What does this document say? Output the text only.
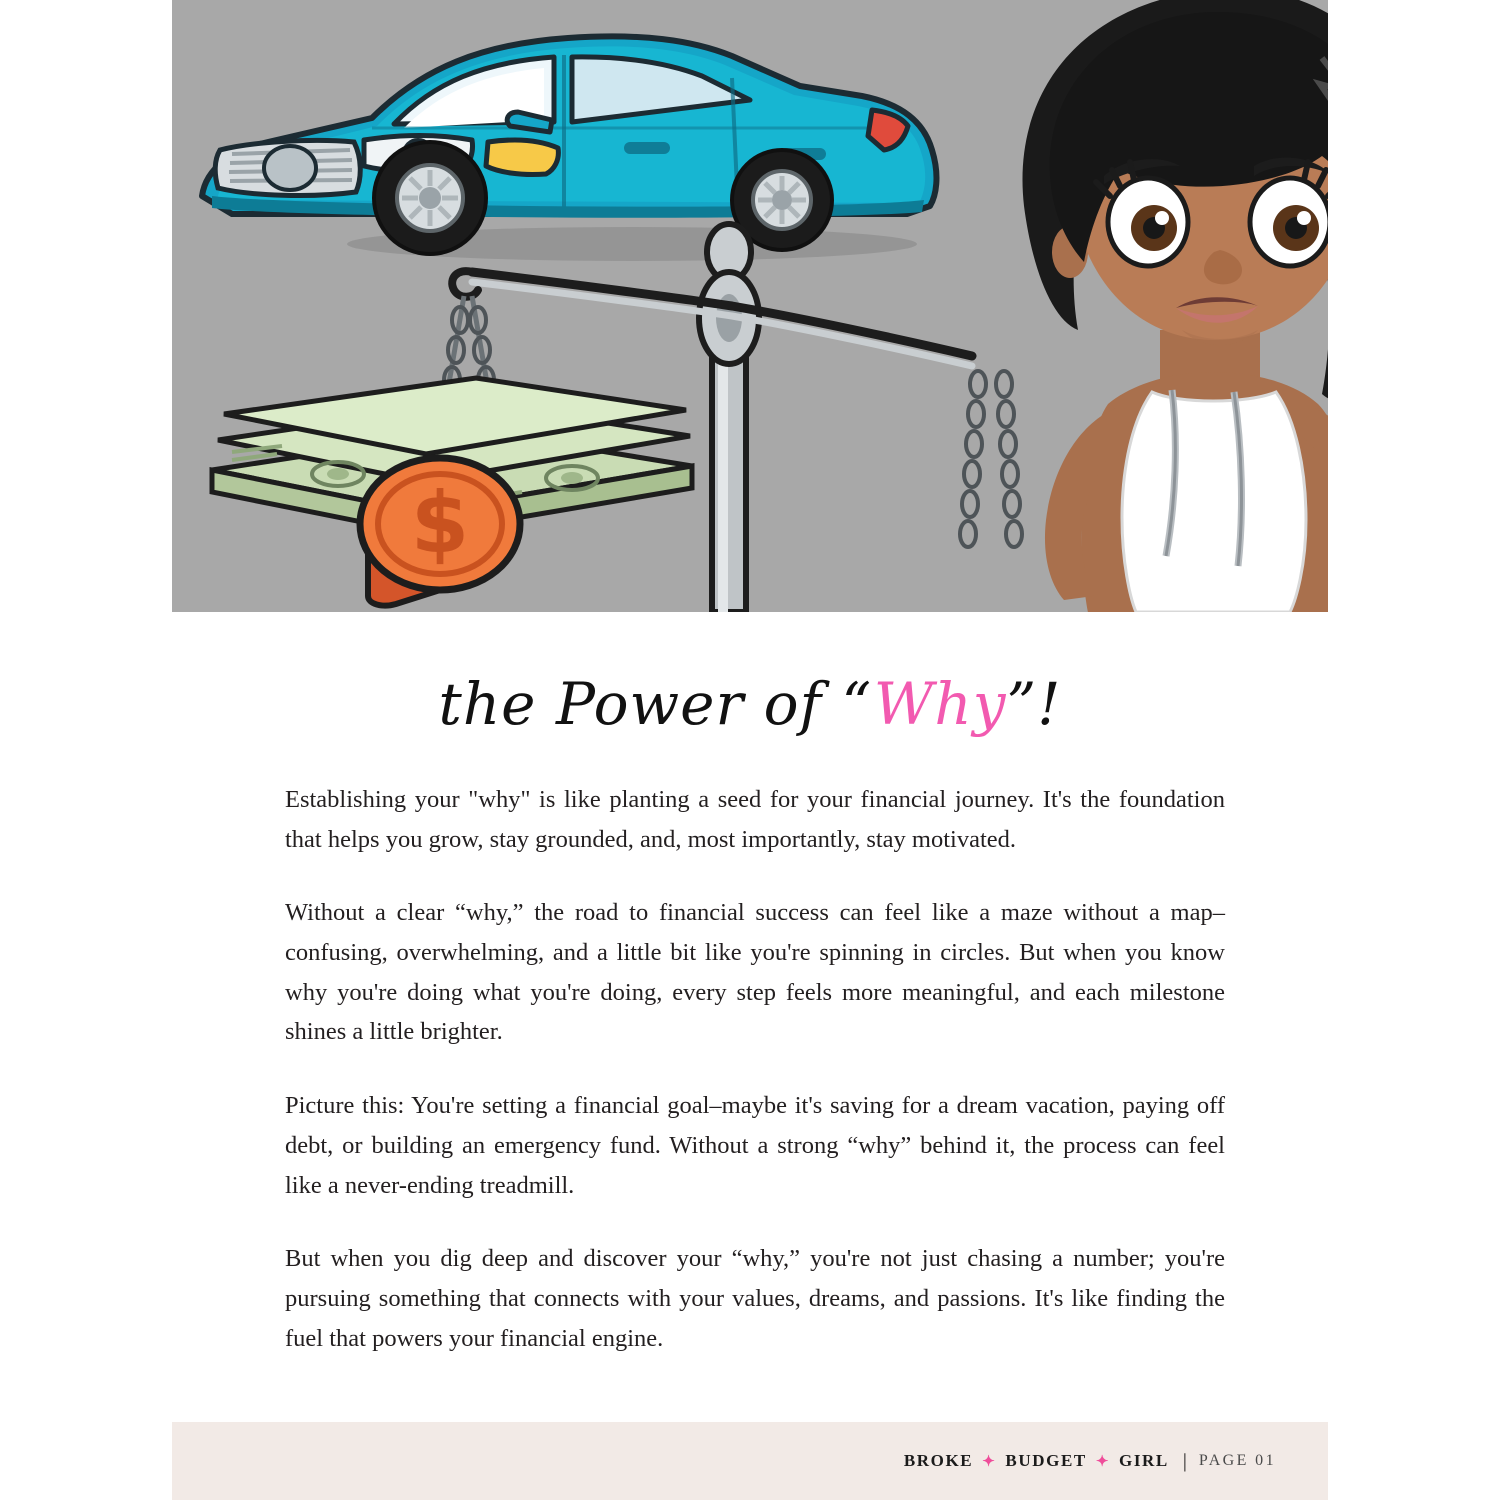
$
the Power of “Why”!

Establishing your "why" is like planting a seed for your financial journey. It's the foundation that helps you grow, stay grounded, and, most importantly, stay motivated.

Without a clear “why,” the road to financial success can feel like a maze without a map–confusing, overwhelming, and a little bit like you're spinning in circles. But when you know why you're doing what you're doing, every step feels more meaningful, and each milestone shines a little brighter.

Picture this: You're setting a financial goal–maybe it's saving for a dream vacation, paying off debt, or building an emergency fund. Without a strong “why” behind it, the process can feel like a never-ending treadmill.

But when you dig deep and discover your “why,” you're not just chasing a number; you're pursuing something that connects with your values, dreams, and passions. It's like finding the fuel that powers your financial engine.

BROKE ✦ BUDGET ✦ GIRL | PAGE 01
